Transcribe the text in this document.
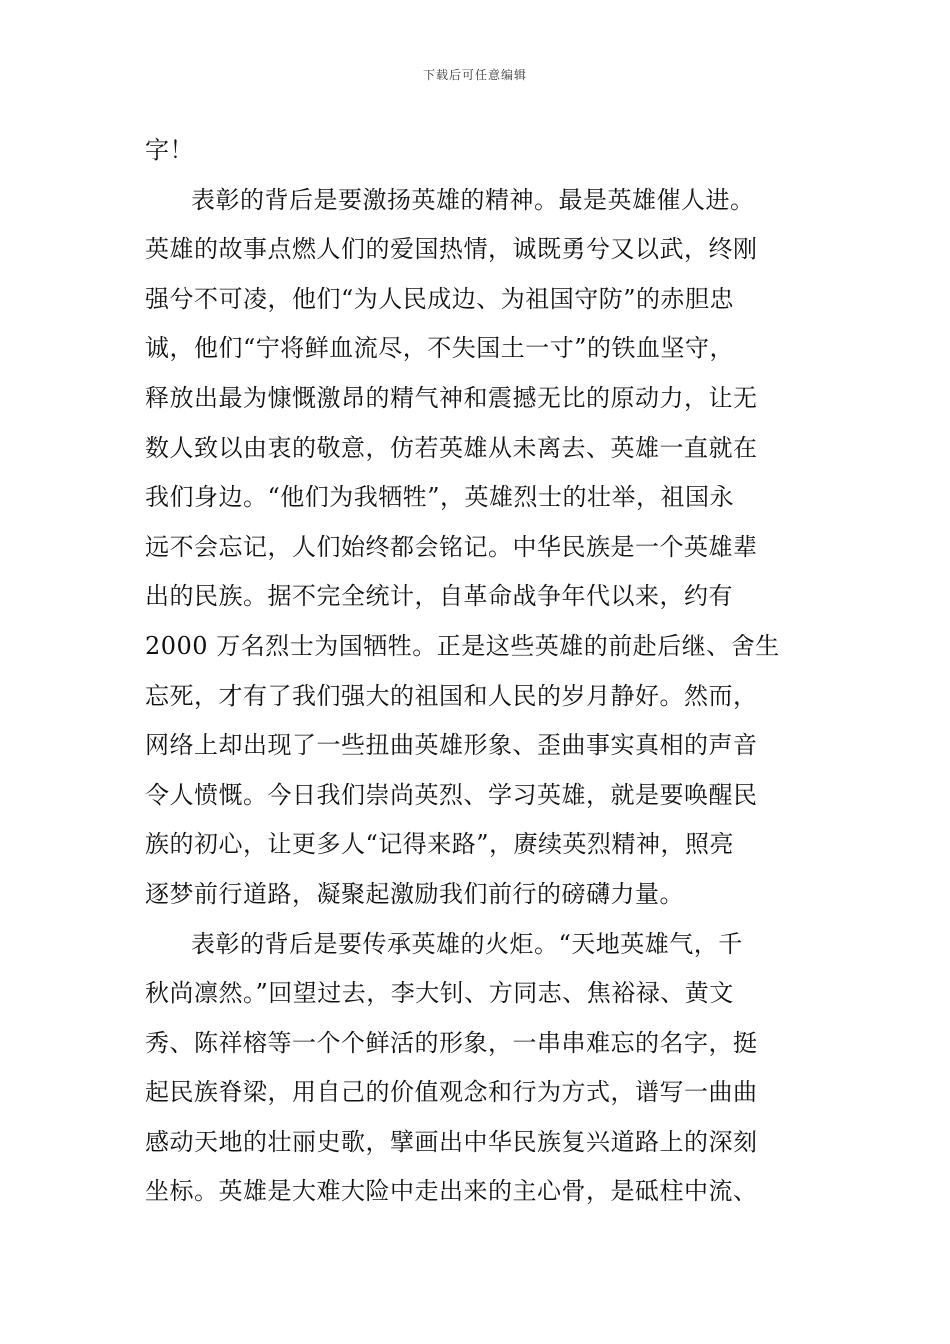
下载后可任意编辑
字！
表彰的背后是要激扬英雄的精神。最是英雄催人进。
英雄的故事点燃人们的爱国热情，诚既勇兮又以武，终刚
强兮不可凌，他们“为人民成边、为祖国守防”的赤胆忠
诚，他们“宁将鲜血流尽，不失国土一寸”的铁血坚守，
释放出最为慷慨激昂的精气神和震撼无比的原动力，让无
数人致以由衷的敬意，仿若英雄从未离去、英雄一直就在
我们身边。“他们为我牺牲”，英雄烈士的壮举，祖国永
远不会忘记，人们始终都会铭记。中华民族是一个英雄辈
出的民族。据不完全统计，自革命战争年代以来，约有
2000 万名烈士为国牺牲。正是这些英雄的前赴后继、舍生
忘死，才有了我们强大的祖国和人民的岁月静好。然而，
网络上却出现了一些扭曲英雄形象、歪曲事实真相的声音
令人愤慨。今日我们崇尚英烈、学习英雄，就是要唤醒民
族的初心，让更多人“记得来路”，赓续英烈精神，照亮
逐梦前行道路，凝聚起激励我们前行的磅礴力量。
表彰的背后是要传承英雄的火炬。“天地英雄气，千
秋尚凛然。”回望过去，李大钊、方同志、焦裕禄、黄文
秀、陈祥榕等一个个鲜活的形象，一串串难忘的名字，挺
起民族脊梁，用自己的价值观念和行为方式，谱写一曲曲
感动天地的壮丽史歌，擘画出中华民族复兴道路上的深刻
坐标。英雄是大难大险中走出来的主心骨，是砥柱中流、
